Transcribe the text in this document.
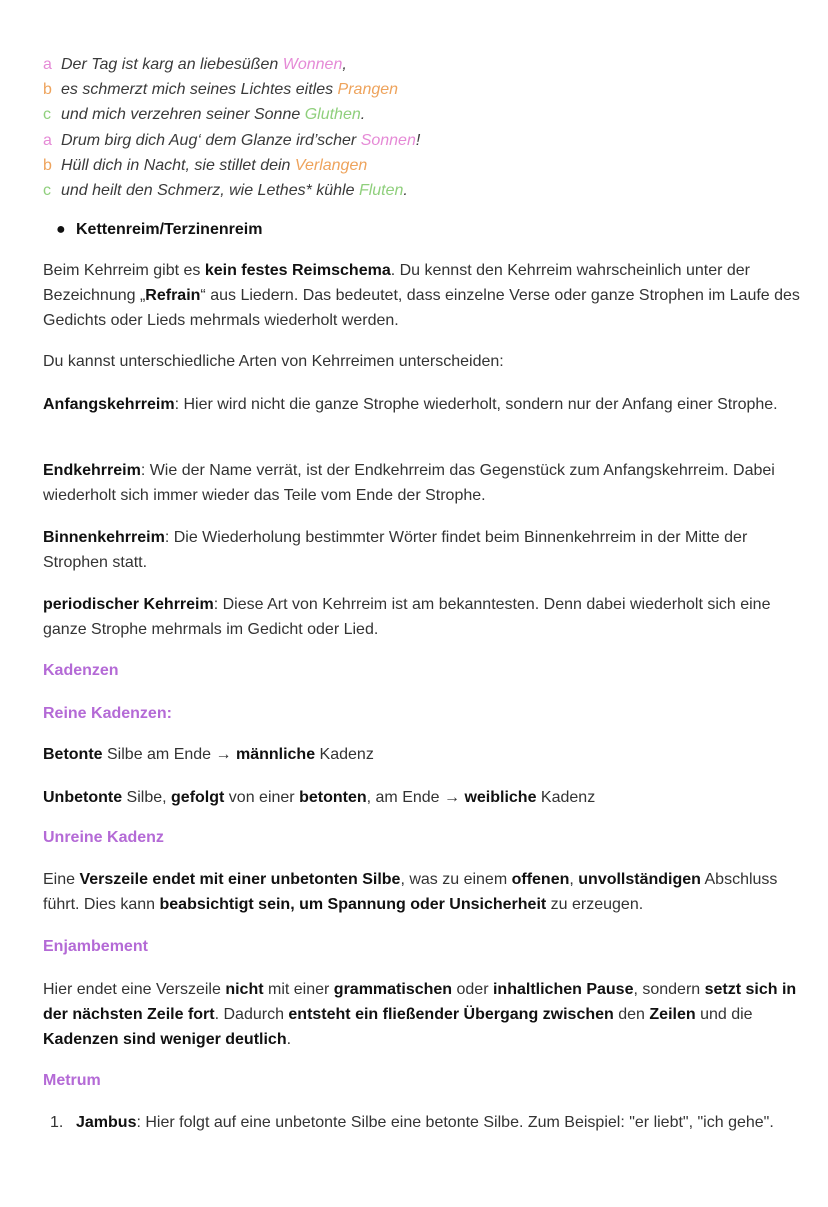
a Der Tag ist karg an liebesüßen Wonnen,
b es schmerzt mich seines Lichtes eitles Prangen
c und mich verzehren seiner Sonne Gluthen.
a Drum birg dich Aug‘ dem Glanze ird’scher Sonnen!
b Hüll dich in Nacht, sie stillet dein Verlangen
c und heilt den Schmerz, wie Lethes* kühle Fluten.
● Kettenreim/Terzinenreim
Beim Kehrreim gibt es kein festes Reimschema. Du kennst den Kehrreim wahrscheinlich unter der Bezeichnung „Refrain“ aus Liedern. Das bedeutet, dass einzelne Verse oder ganze Strophen im Laufe des Gedichts oder Lieds mehrmals wiederholt werden.
Du kannst unterschiedliche Arten von Kehrreimen unterscheiden:
Anfangskehrreim: Hier wird nicht die ganze Strophe wiederholt, sondern nur der Anfang einer Strophe.
Endkehrreim: Wie der Name verrät, ist der Endkehrreim das Gegenstück zum Anfangskehrreim. Dabei wiederholt sich immer wieder das Teile vom Ende der Strophe.
Binnenkehrreim: Die Wiederholung bestimmter Wörter findet beim Binnenkehrreim in der Mitte der Strophen statt.
periodischer Kehrreim: Diese Art von Kehrreim ist am bekanntesten. Denn dabei wiederholt sich eine ganze Strophe mehrmals im Gedicht oder Lied.
Kadenzen
Reine Kadenzen:
Betonte Silbe am Ende → männliche Kadenz
Unbetonte Silbe, gefolgt von einer betonten, am Ende → weibliche Kadenz
Unreine Kadenz
Eine Verszeile endet mit einer unbetonten Silbe, was zu einem offenen, unvollständigen Abschluss führt. Dies kann beabsichtigt sein, um Spannung oder Unsicherheit zu erzeugen.
Enjambement
Hier endet eine Verszeile nicht mit einer grammatischen oder inhaltlichen Pause, sondern setzt sich in der nächsten Zeile fort. Dadurch entsteht ein fließender Übergang zwischen den Zeilen und die Kadenzen sind weniger deutlich.
Metrum
1. Jambus: Hier folgt auf eine unbetonte Silbe eine betonte Silbe. Zum Beispiel: "er liebt", "ich gehe".
